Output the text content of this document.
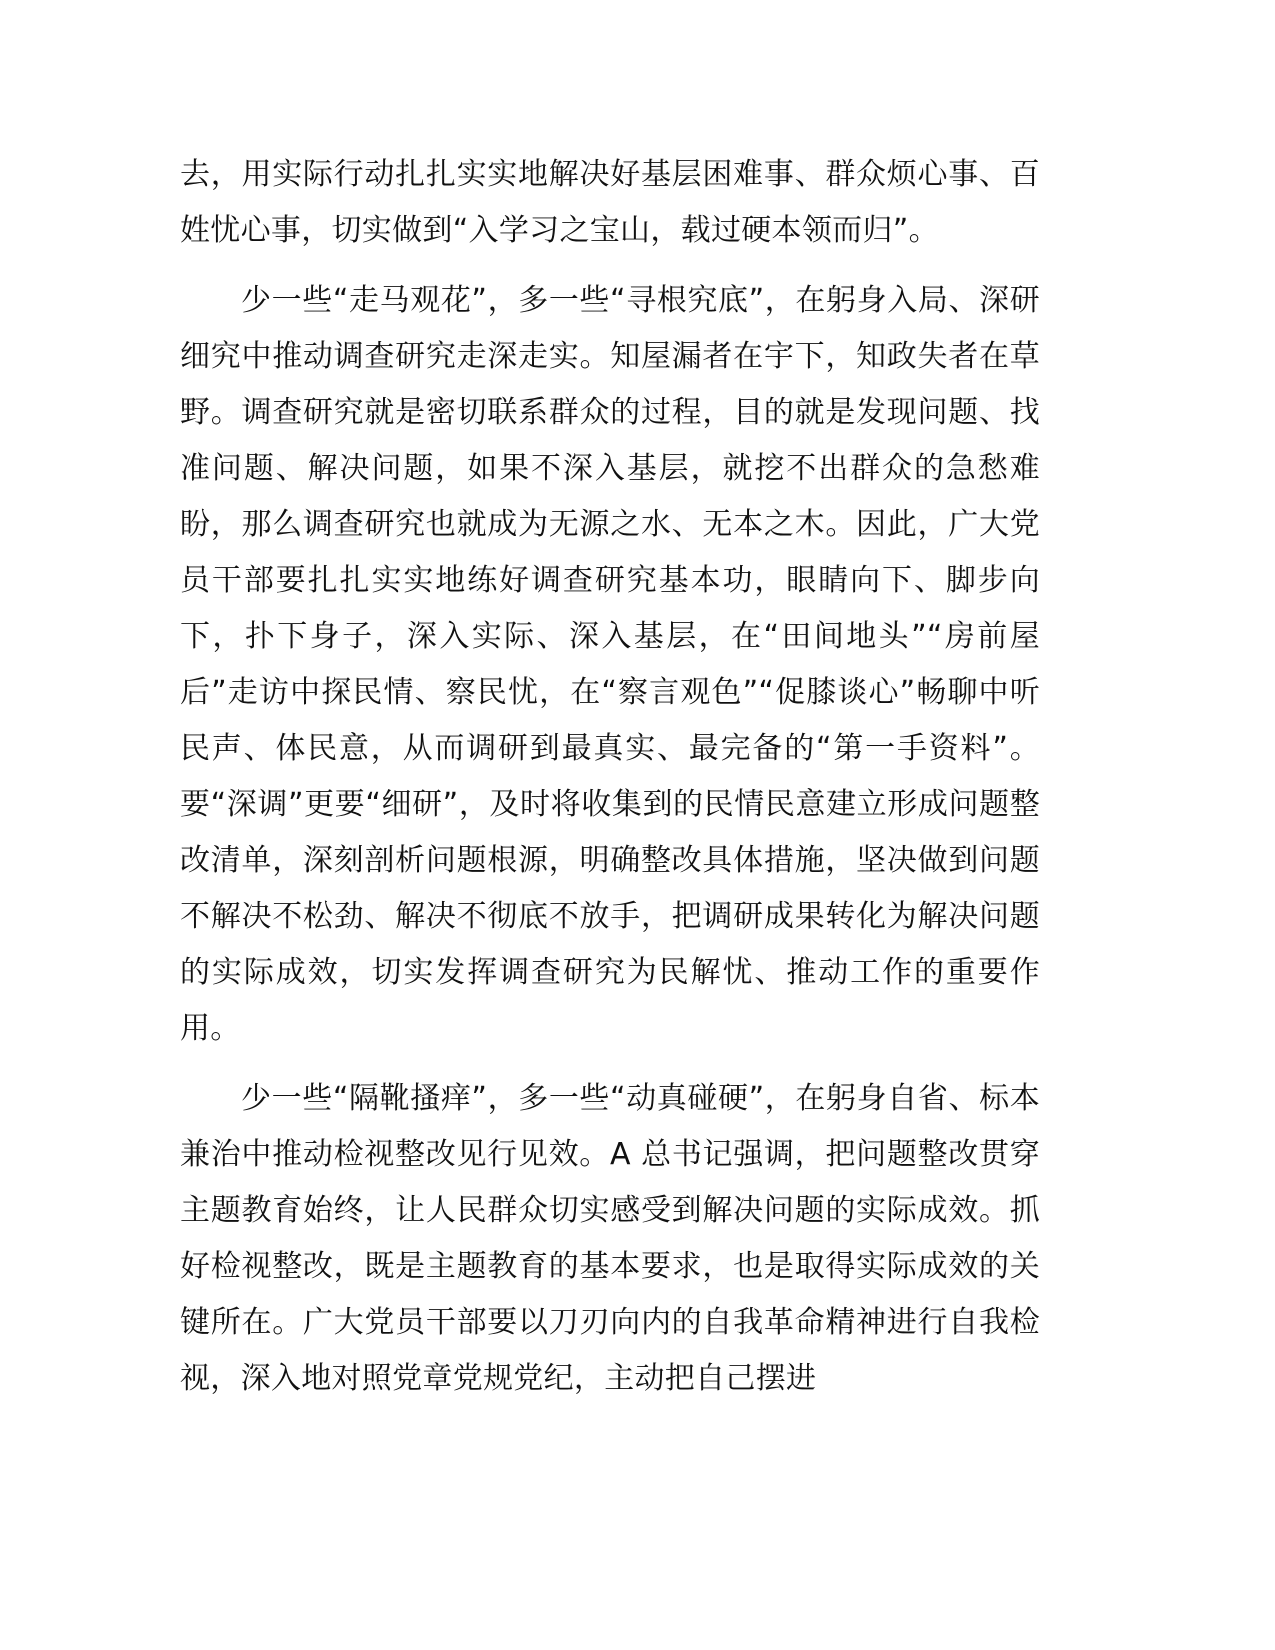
去，用实际行动扎扎实实地解决好基层困难事、群众烦心事、百姓忧心事，切实做到“入学习之宝山，载过硬本领而归”。

少一些“走马观花”，多一些“寻根究底”，在躬身入局、深研细究中推动调查研究走深走实。知屋漏者在宇下，知政失者在草野。调查研究就是密切联系群众的过程，目的就是发现问题、找准问题、解决问题，如果不深入基层，就挖不出群众的急愁难盼，那么调查研究也就成为无源之水、无本之木。因此，广大党员干部要扎扎实实地练好调查研究基本功，眼睛向下、脚步向下，扑下身子，深入实际、深入基层，在“田间地头”“房前屋后”走访中探民情、察民忧，在“察言观色”“促膝谈心”畅聊中听民声、体民意，从而调研到最真实、最完备的“第一手资料”。要“深调”更要“细研”，及时将收集到的民情民意建立形成问题整改清单，深刻剖析问题根源，明确整改具体措施，坚决做到问题不解决不松劲、解决不彻底不放手，把调研成果转化为解决问题的实际成效，切实发挥调查研究为民解忧、推动工作的重要作用。

少一些“隔靴搔痒”，多一些“动真碰硬”，在躬身自省、标本兼治中推动检视整改见行见效。A 总书记强调，把问题整改贯穿主题教育始终，让人民群众切实感受到解决问题的实际成效。抓好检视整改，既是主题教育的基本要求，也是取得实际成效的关键所在。广大党员干部要以刀刃向内的自我革命精神进行自我检视，深入地对照党章党规党纪，主动把自己摆进
